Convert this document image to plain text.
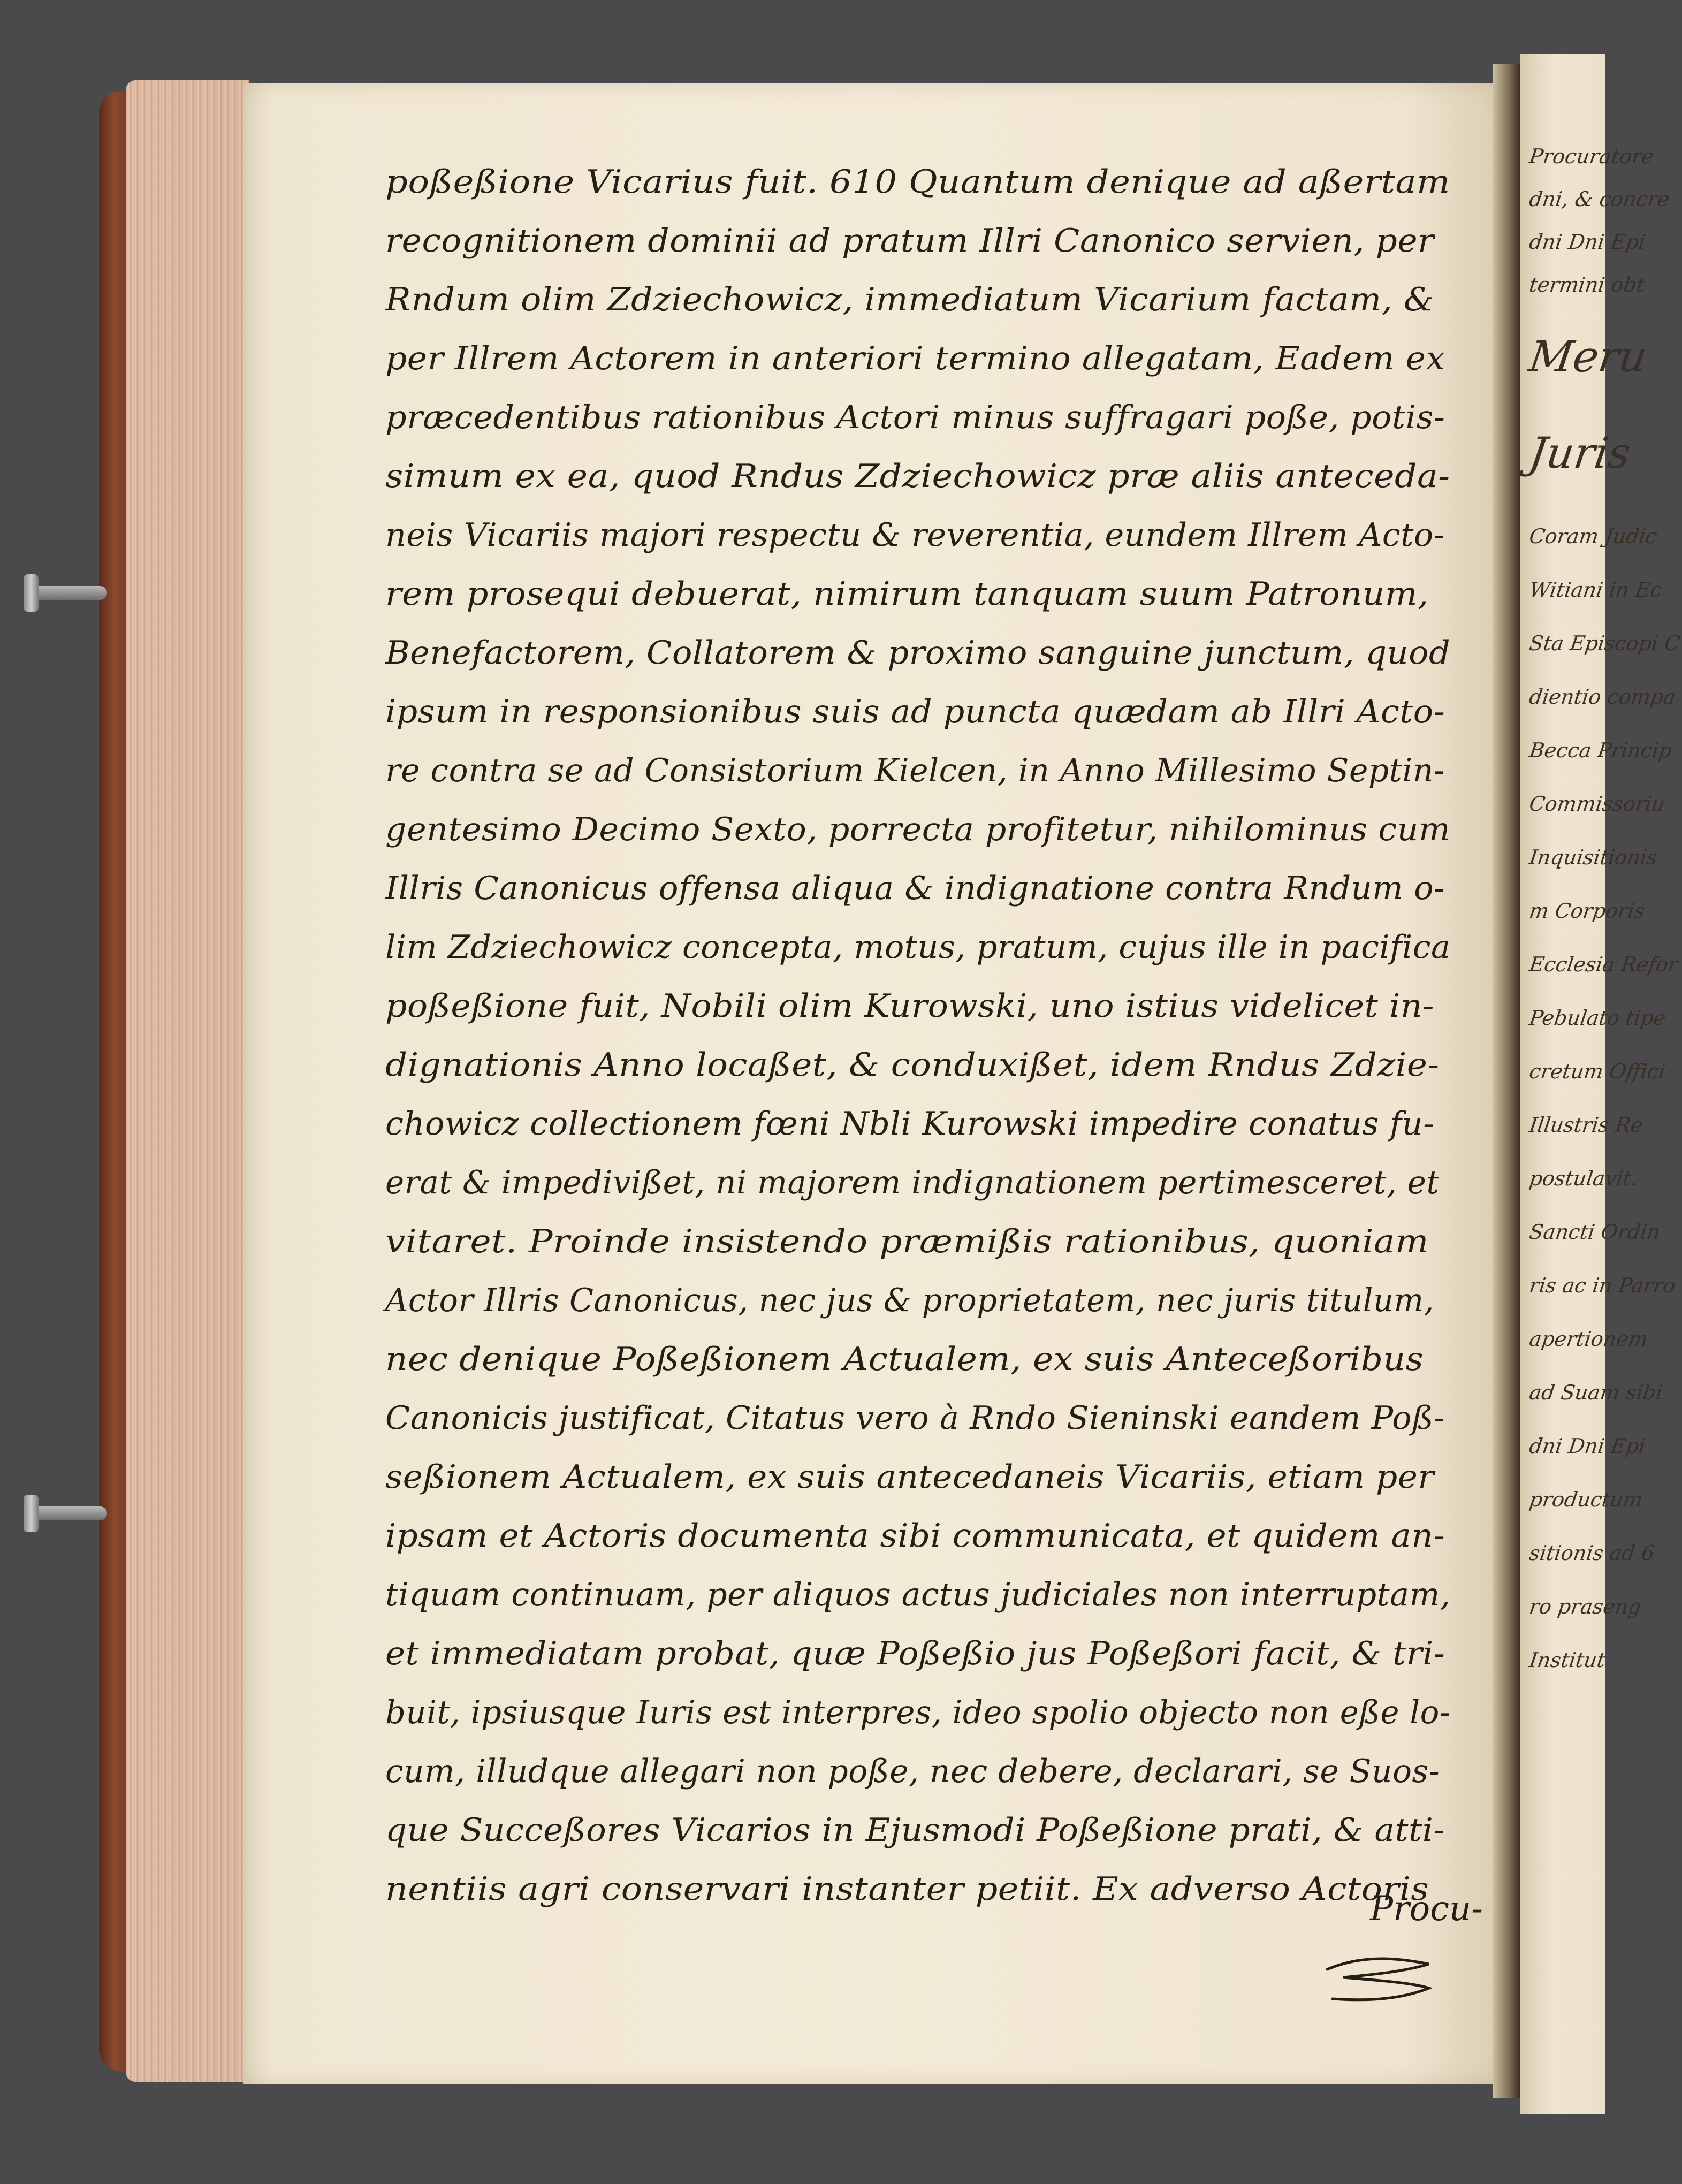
poßeßione Vicarius fuit. 610 Quantum denique ad aßertam
recognitionem dominii ad pratum Illri Canonico servien, per
Rndum olim Zdziechowicz, immediatum Vicarium factam, &
per Illrem Actorem in anteriori termino allegatam, Eadem ex
præcedentibus rationibus Actori minus suffragari poße, potis-
simum ex ea, quod Rndus Zdziechowicz præ aliis anteceda-
neis Vicariis majori respectu & reverentia, eundem Illrem Acto-
rem prosequi debuerat, nimirum tanquam suum Patronum,
Benefactorem, Collatorem & proximo sanguine junctum, quod
ipsum in responsionibus suis ad puncta quædam ab Illri Acto-
re contra se ad Consistorium Kielcen, in Anno Millesimo Septin-
gentesimo Decimo Sexto, porrecta profitetur, nihilominus cum
Illris Canonicus offensa aliqua & indignatione contra Rndum o-
lim Zdziechowicz concepta, motus, pratum, cujus ille in pacifica
poßeßione fuit, Nobili olim Kurowski, uno istius videlicet in-
dignationis Anno locaßet, & conduxißet, idem Rndus Zdzie-
chowicz collectionem fœni Nbli Kurowski impedire conatus fu-
erat & impedivißet, ni majorem indignationem pertimesceret, et
vitaret. Proinde insistendo præmißis rationibus, quoniam
Actor Illris Canonicus, nec jus & proprietatem, nec juris titulum,
nec denique Poßeßionem Actualem, ex suis Anteceßoribus
Canonicis justificat, Citatus vero à Rndo Sieninski eandem Poß-
seßionem Actualem, ex suis antecedaneis Vicariis, etiam per
ipsam et Actoris documenta sibi communicata, et quidem an-
tiquam continuam, per aliquos actus judiciales non interruptam,
et immediatam probat, quæ Poßeßio jus Poßeßori facit, & tri-
buit, ipsiusque Iuris est interpres, ideo spolio objecto non eße lo-
cum, illudque allegari non poße, nec debere, declarari, se Suos-
que Succeßores Vicarios in Ejusmodi Poßeßione prati, & atti-
nentiis agri conservari instanter petiit. Ex adverso Actoris
Procu-
Procuratore
dni, & concre
dni Dni Epi
termini obt
Meru
Juris
Coram Judic
Witiani in Ec
Sta Episcopi C
dientio compa
Becca Princip
Commissoriu
Inquisitionis
m Corporis
Ecclesia Refor
Pebulato tipe
cretum Offici
Illustris Re
postulavit.
Sancti Ordin
ris ac in Parro
apertionem
ad Suam sibi
dni Dni Epi
productum
sitionis ad 6
ro praseng
Institut
